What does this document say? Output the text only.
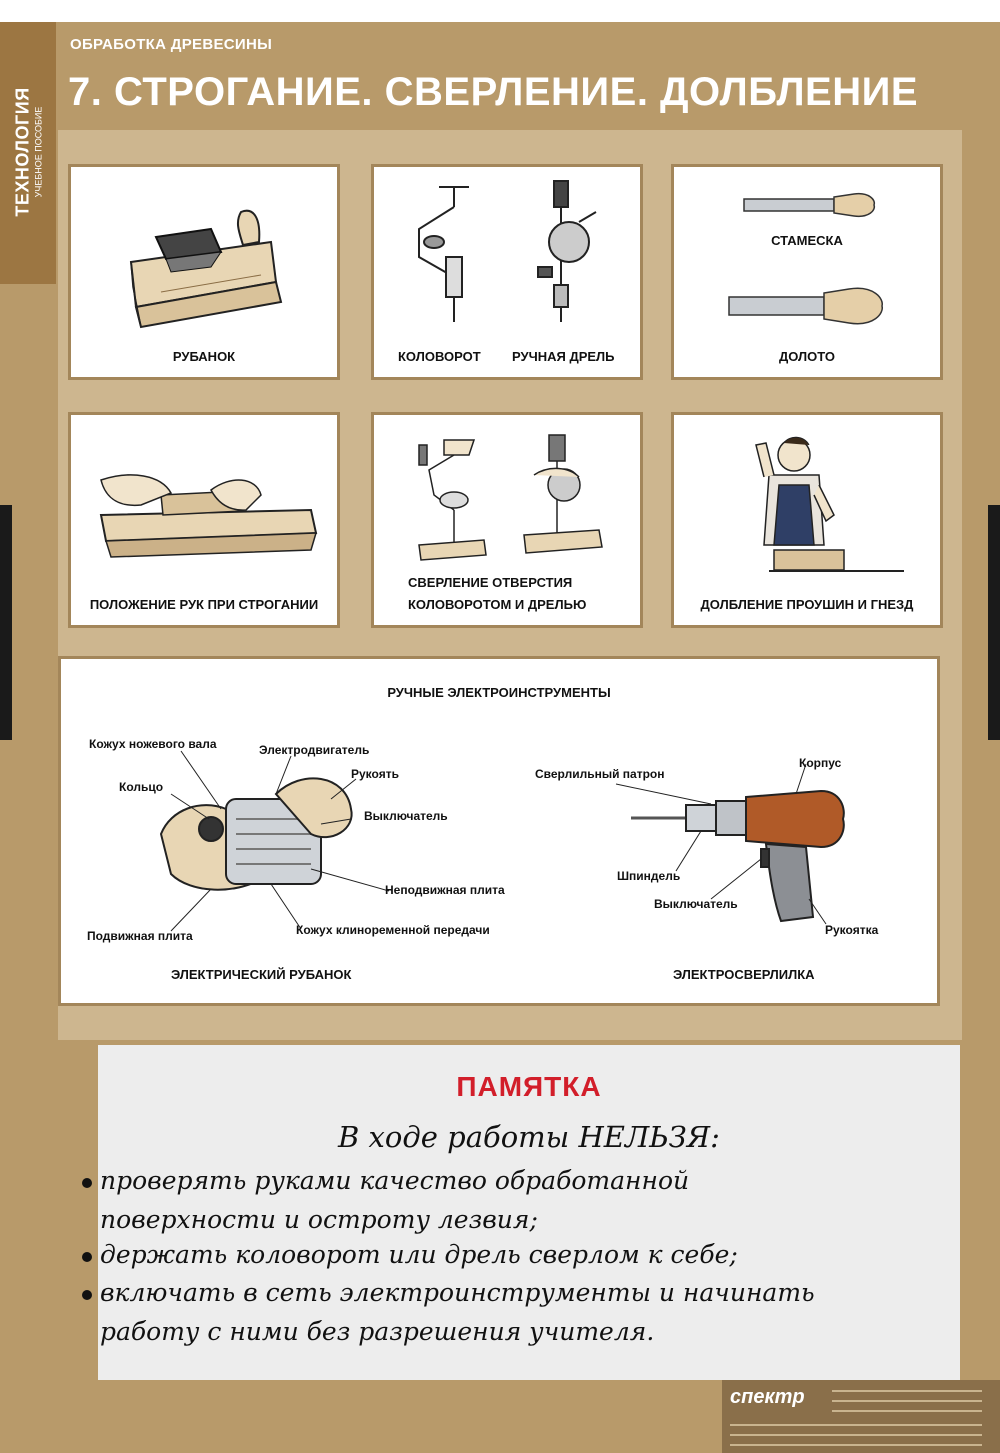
ТЕХНОЛОГИЯ УЧЕБНОЕ ПОСОБИЕ
ОБРАБОТКА ДРЕВЕСИНЫ
7. СТРОГАНИЕ. СВЕРЛЕНИЕ. ДОЛБЛЕНИЕ
РУБАНОК	КОЛОВОРОТ РУЧНАЯ ДРЕЛЬ
СТАМЕСКА
ДОЛОТО
ПОЛОЖЕНИЕ РУК ПРИ СТРОГАНИИ
СВЕРЛЕНИЕ ОТВЕРСТИЯ
КОЛОВОРОТОМ И ДРЕЛЬЮ	ДОЛБЛЕНИЕ ПРОУШИН И ГНЕЗД
РУЧНЫЕ ЭЛЕКТРОИНСТРУМЕНТЫ
Кожух ножевого вала	Электродвигатель
Рукоять
Кольцо
Выключатель
Неподвижная плита
Подвижная плита	Кожух клиноременной передачи
ЭЛЕКТРИЧЕСКИЙ РУБАНОК
Сверлильный патрон
Корпус
Шпиндель
Выключатель
Рукоятка
ЭЛЕКТРОСВЕРЛИЛКА
ПАМЯТКА
В ходе работы НЕЛЬЗЯ:
проверять руками качество обработанной
поверхности и остроту лезвия;
держать коловорот или дрель сверлом к себе;
включать в сеть электроинструменты и начинать
работу с ними без разрешения учителя.
спектр
